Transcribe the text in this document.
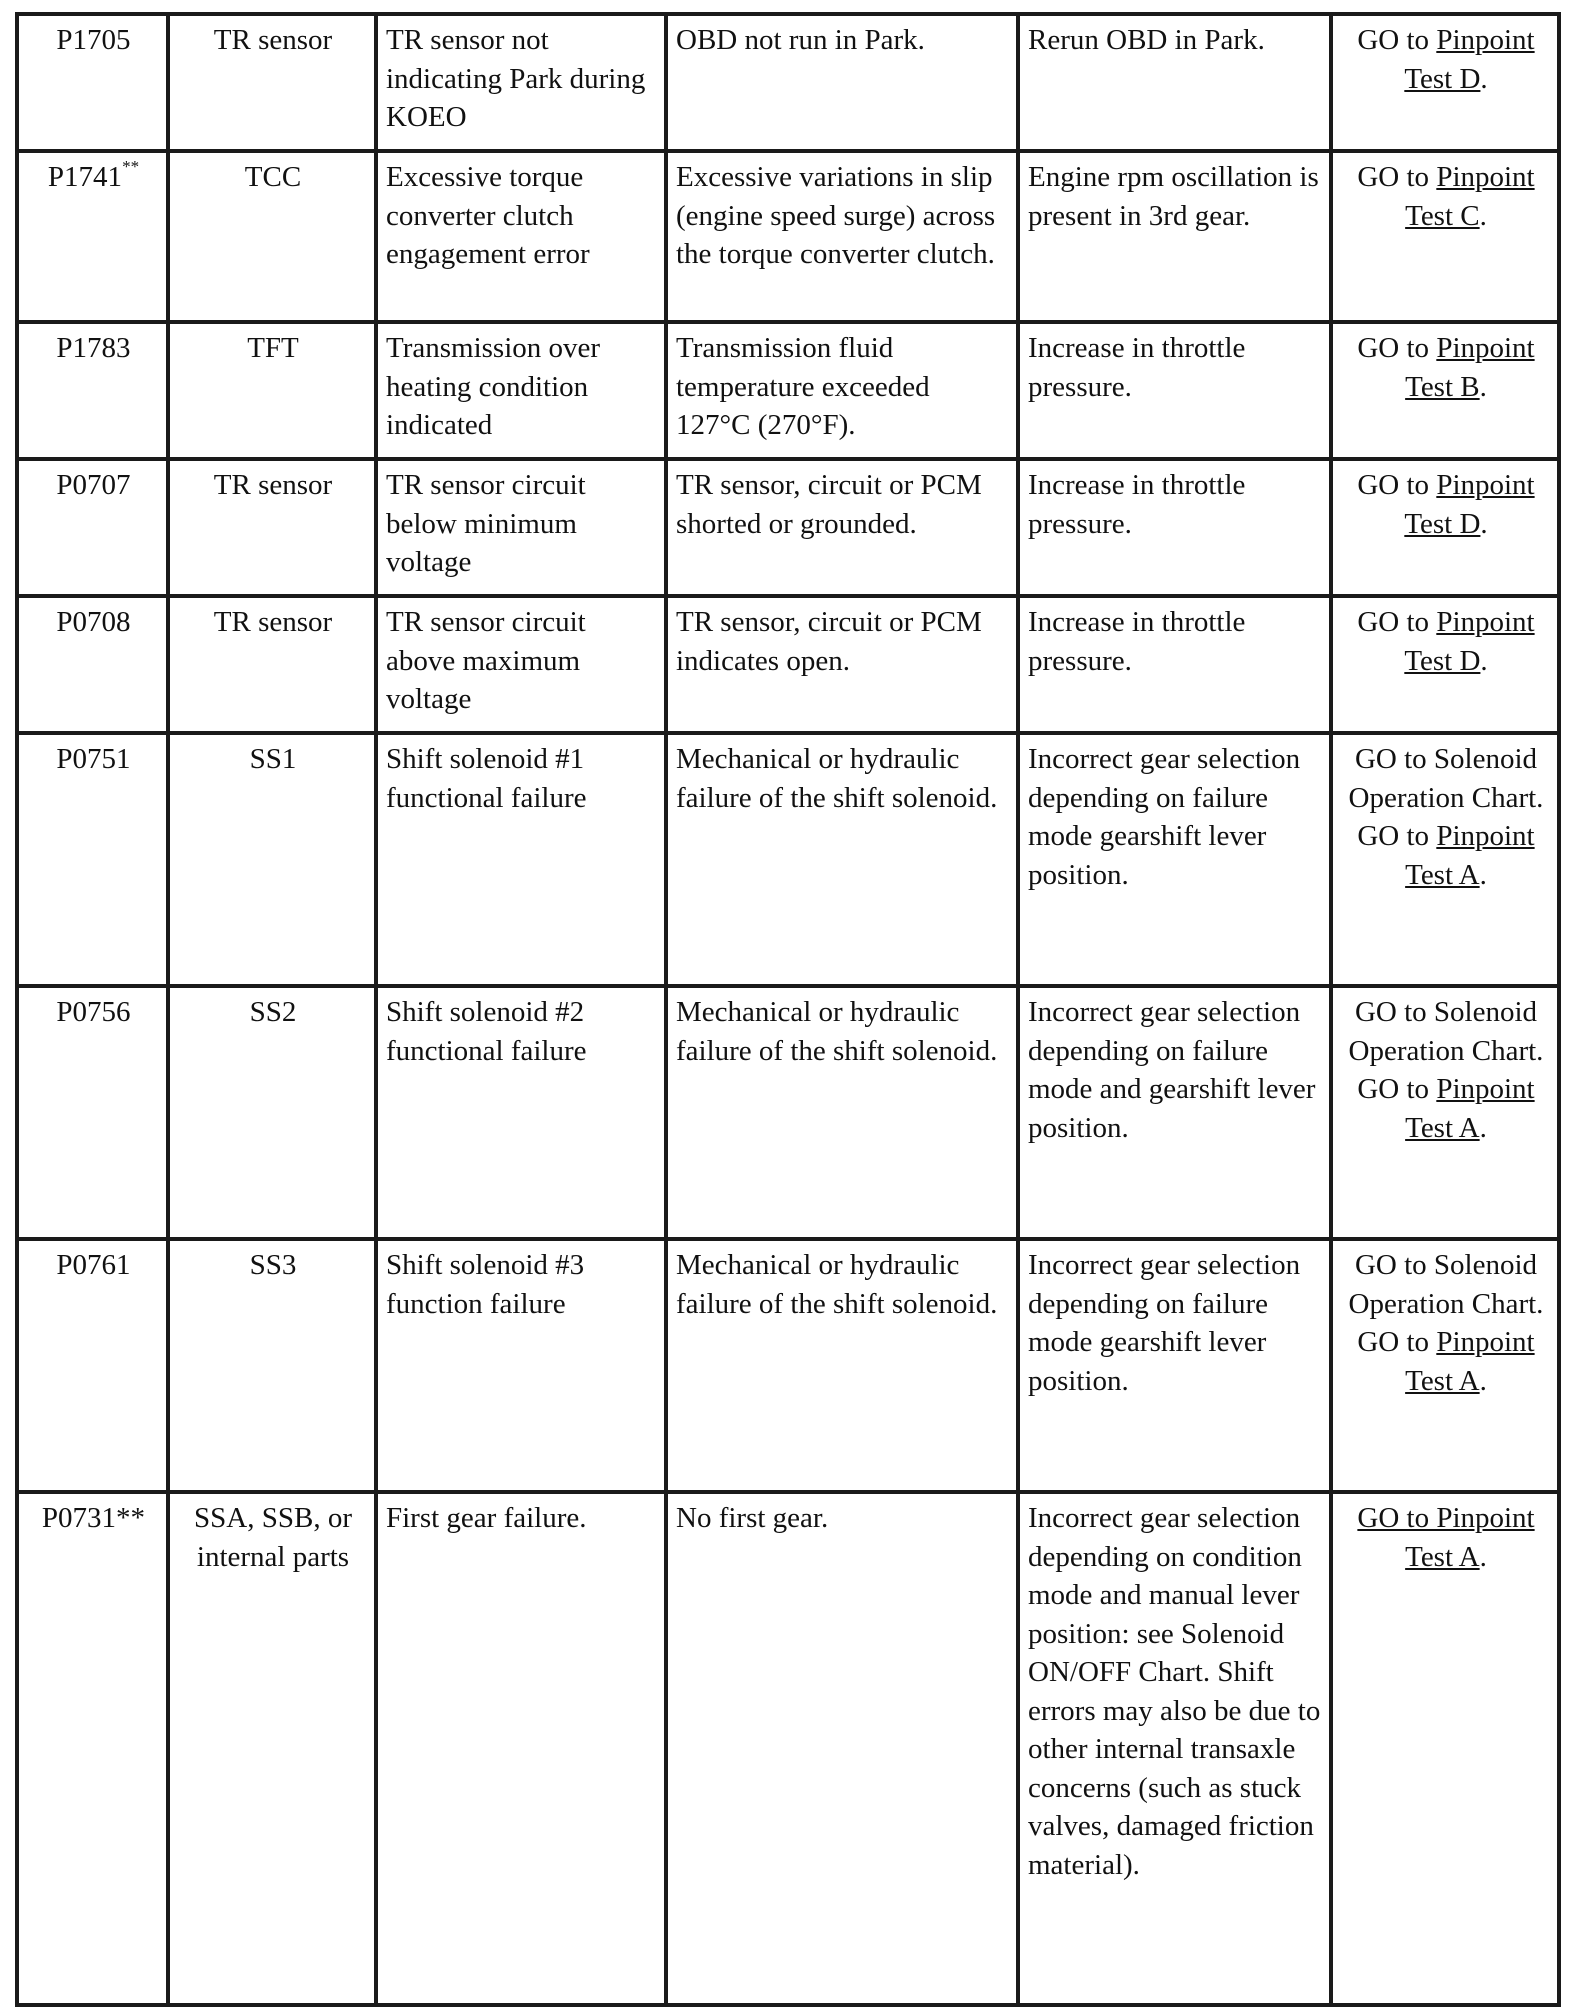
P1705	TR sensor	TR sensor not indicating Park during KOEO	OBD not run in Park.	Rerun OBD in Park.	GO to Pinpoint Test D.
P1741**	TCC	Excessive torque converter clutch engagement error	Excessive variations in slip (engine speed surge) across the torque converter clutch.	Engine rpm oscillation is present in 3rd gear.	GO to Pinpoint Test C.
P1783	TFT	Transmission over heating condition indicated	Transmission fluid temperature exceeded 127°C (270°F).	Increase in throttle pressure.	GO to Pinpoint Test B.
P0707	TR sensor	TR sensor circuit below minimum voltage	TR sensor, circuit or PCM shorted or grounded.	Increase in throttle pressure.	GO to Pinpoint Test D.
P0708	TR sensor	TR sensor circuit above maximum voltage	TR sensor, circuit or PCM indicates open.	Increase in throttle pressure.	GO to Pinpoint Test D.
P0751	SS1	Shift solenoid #1 functional failure	Mechanical or hydraulic failure of the shift solenoid.	Incorrect gear selection depending on failure mode gearshift lever position.	GO to Solenoid Operation Chart. GO to Pinpoint Test A.
P0756	SS2	Shift solenoid #2 functional failure	Mechanical or hydraulic failure of the shift solenoid.	Incorrect gear selection depending on failure mode and gearshift lever position.	GO to Solenoid Operation Chart. GO to Pinpoint Test A.
P0761	SS3	Shift solenoid #3 function failure	Mechanical or hydraulic failure of the shift solenoid.	Incorrect gear selection depending on failure mode gearshift lever position.	GO to Solenoid Operation Chart. GO to Pinpoint Test A.
P0731**	SSA, SSB, or internal parts	First gear failure.	No first gear.	Incorrect gear selection depending on condition mode and manual lever position: see Solenoid ON/OFF Chart. Shift errors may also be due to other internal transaxle concerns (such as stuck valves, damaged friction material).	GO to Pinpoint Test A.
